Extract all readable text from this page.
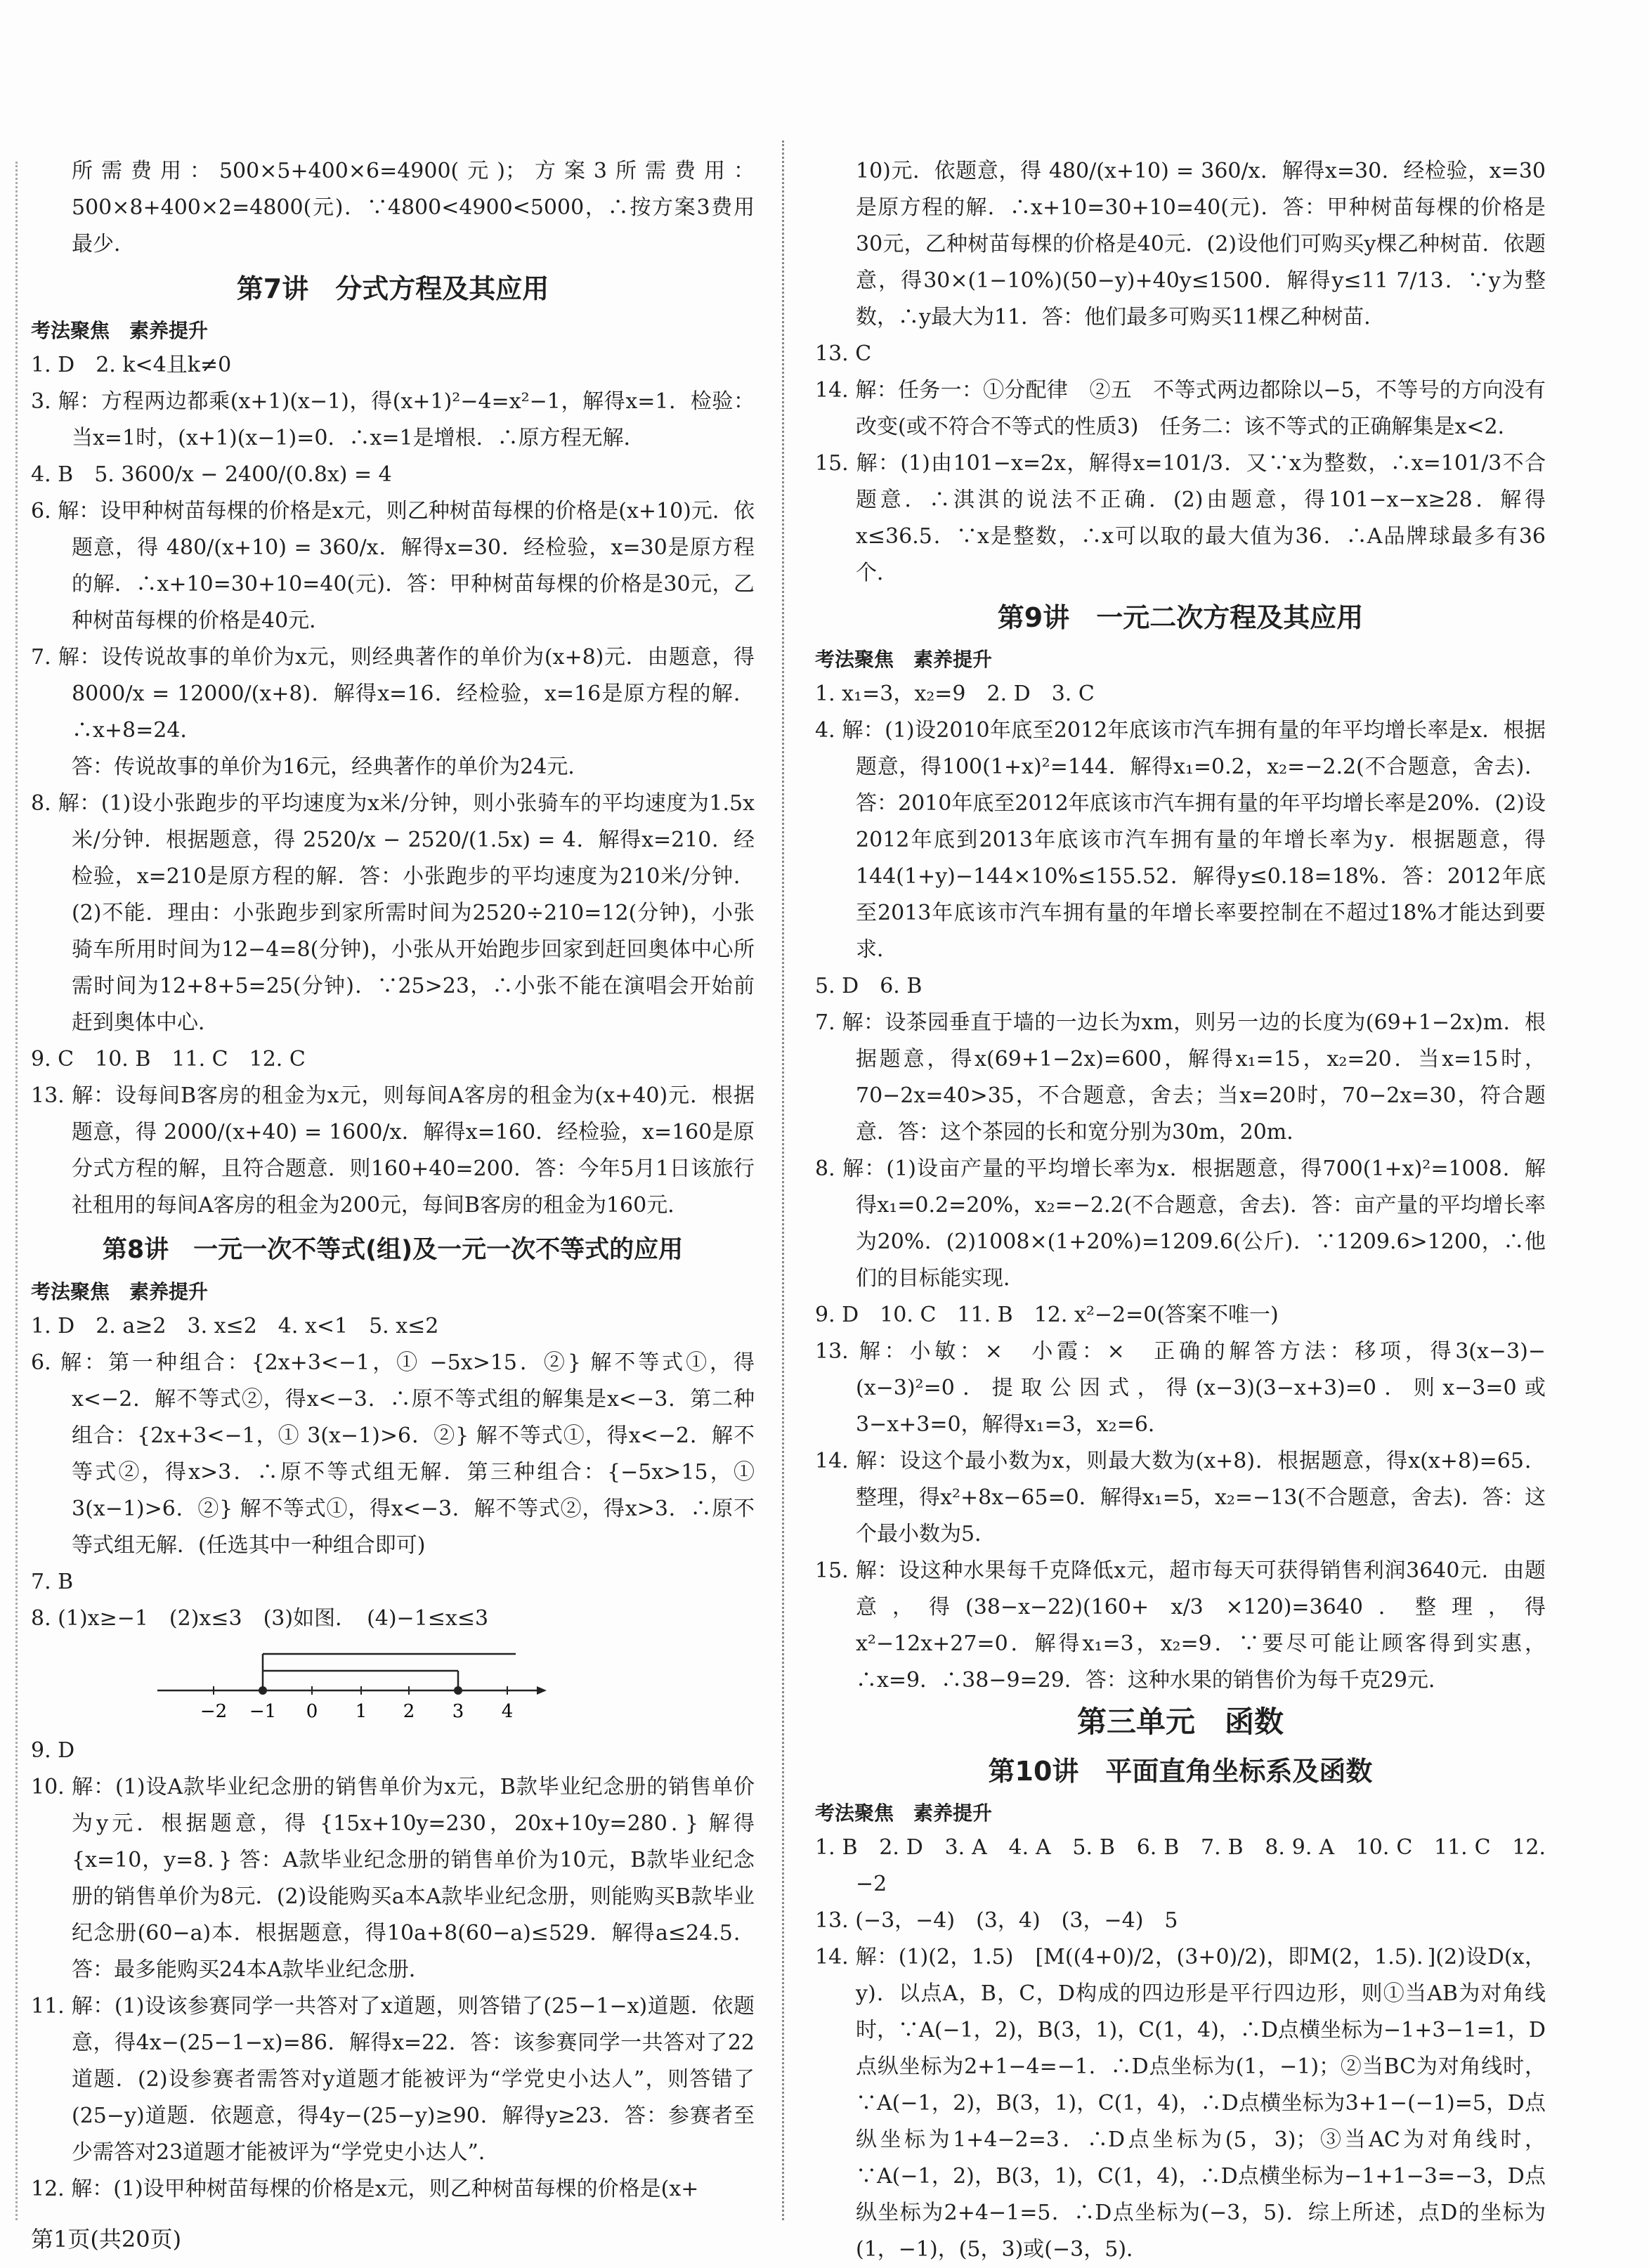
所需费用：500×5+400×6=4900(元)；方案3所需费用：500×8+400×2=4800(元)．∵4800<4900<5000，∴按方案3费用最少．

第7讲　分式方程及其应用
考法聚焦　素养提升

1. D　2. k<4且k≠0

3. 解：方程两边都乘(x+1)(x−1)，得(x+1)²−4=x²−1，解得x=1．检验：当x=1时，(x+1)(x−1)=0．∴x=1是增根．∴原方程无解．

4. B　5. 3600/x − 2400/(0.8x) = 4

6. 解：设甲种树苗每棵的价格是x元，则乙种树苗每棵的价格是(x+10)元．依题意，得 480/(x+10) = 360/x．解得x=30．经检验，x=30是原方程的解．∴x+10=30+10=40(元)．答：甲种树苗每棵的价格是30元，乙种树苗每棵的价格是40元．

7. 解：设传说故事的单价为x元，则经典著作的单价为(x+8)元．由题意，得 8000/x = 12000/(x+8)．解得x=16．经检验，x=16是原方程的解．∴x+8=24．

答：传说故事的单价为16元，经典著作的单价为24元．

8. 解：(1)设小张跑步的平均速度为x米/分钟，则小张骑车的平均速度为1.5x米/分钟．根据题意，得 2520/x − 2520/(1.5x) = 4．解得x=210．经检验，x=210是原方程的解．答：小张跑步的平均速度为210米/分钟．(2)不能．理由：小张跑步到家所需时间为2520÷210=12(分钟)，小张骑车所用时间为12−4=8(分钟)，小张从开始跑步回家到赶回奥体中心所需时间为12+8+5=25(分钟)．∵25>23，∴小张不能在演唱会开始前赶到奥体中心．

9. C　10. B　11. C　12. C

13. 解：设每间B客房的租金为x元，则每间A客房的租金为(x+40)元．根据题意，得 2000/(x+40) = 1600/x．解得x=160．经检验，x=160是原分式方程的解，且符合题意．则160+40=200．答：今年5月1日该旅行社租用的每间A客房的租金为200元，每间B客房的租金为160元．

第8讲　一元一次不等式(组)及一元一次不等式的应用
考法聚焦　素养提升

1. D　2. a≥2　3. x≤2　4. x<1　5. x≤2

6. 解：第一种组合：{2x+3<−1，① −5x>15．②} 解不等式①，得x<−2．解不等式②，得x<−3．∴原不等式组的解集是x<−3．第二种组合：{2x+3<−1，① 3(x−1)>6．②} 解不等式①，得x<−2．解不等式②，得x>3．∴原不等式组无解．第三种组合：{−5x>15，① 3(x−1)>6．②} 解不等式①，得x<−3．解不等式②，得x>3．∴原不等式组无解．(任选其中一种组合即可)

7. B

8. (1)x≥−1　(2)x≤3　(3)如图．　(4)−1≤x≤3

−2 −1 0 1 2 3 4

9. D

10. 解：(1)设A款毕业纪念册的销售单价为x元，B款毕业纪念册的销售单价为y元．根据题意，得 {15x+10y=230，20x+10y=280．} 解得 {x=10，y=8．} 答：A款毕业纪念册的销售单价为10元，B款毕业纪念册的销售单价为8元．(2)设能购买a本A款毕业纪念册，则能购买B款毕业纪念册(60−a)本．根据题意，得10a+8(60−a)≤529．解得a≤24.5．答：最多能购买24本A款毕业纪念册．

11. 解：(1)设该参赛同学一共答对了x道题，则答错了(25−1−x)道题．依题意，得4x−(25−1−x)=86．解得x=22．答：该参赛同学一共答对了22道题．(2)设参赛者需答对y道题才能被评为“学党史小达人”，则答错了(25−y)道题．依题意，得4y−(25−y)≥90．解得y≥23．答：参赛者至少需答对23道题才能被评为“学党史小达人”．

12. 解：(1)设甲种树苗每棵的价格是x元，则乙种树苗每棵的价格是(x+

10)元．依题意，得 480/(x+10) = 360/x．解得x=30．经检验，x=30是原方程的解．∴x+10=30+10=40(元)．答：甲种树苗每棵的价格是30元，乙种树苗每棵的价格是40元．(2)设他们可购买y棵乙种树苗．依题意，得30×(1−10%)(50−y)+40y≤1500．解得y≤11 7/13．∵y为整数，∴y最大为11．答：他们最多可购买11棵乙种树苗．

13. C

14. 解：任务一：①分配律　②五　不等式两边都除以−5，不等号的方向没有改变(或不符合不等式的性质3)　任务二：该不等式的正确解集是x<2．

15. 解：(1)由101−x=2x，解得x=101/3．又∵x为整数，∴x=101/3不合题意．∴淇淇的说法不正确．(2)由题意，得101−x−x≥28．解得x≤36.5．∵x是整数，∴x可以取的最大值为36．∴A品牌球最多有36个．

第9讲　一元二次方程及其应用
考法聚焦　素养提升

1. x₁=3，x₂=9　2. D　3. C

4. 解：(1)设2010年底至2012年底该市汽车拥有量的年平均增长率是x．根据题意，得100(1+x)²=144．解得x₁=0.2，x₂=−2.2(不合题意，舍去)．答：2010年底至2012年底该市汽车拥有量的年平均增长率是20%．(2)设2012年底到2013年底该市汽车拥有量的年增长率为y．根据题意，得144(1+y)−144×10%≤155.52．解得y≤0.18=18%．答：2012年底至2013年底该市汽车拥有量的年增长率要控制在不超过18%才能达到要求．

5. D　6. B

7. 解：设茶园垂直于墙的一边长为xm，则另一边的长度为(69+1−2x)m．根据题意，得x(69+1−2x)=600，解得x₁=15，x₂=20．当x=15时，70−2x=40>35，不合题意，舍去；当x=20时，70−2x=30，符合题意．答：这个茶园的长和宽分别为30m，20m．

8. 解：(1)设亩产量的平均增长率为x．根据题意，得700(1+x)²=1008．解得x₁=0.2=20%，x₂=−2.2(不合题意，舍去)．答：亩产量的平均增长率为20%．(2)1008×(1+20%)=1209.6(公斤)．∵1209.6>1200，∴他们的目标能实现．

9. D　10. C　11. B　12. x²−2=0(答案不唯一)

13. 解：小敏：×　小霞：×　正确的解答方法：移项，得3(x−3)−(x−3)²=0．提取公因式，得(x−3)(3−x+3)=0．则x−3=0或3−x+3=0，解得x₁=3，x₂=6．

14. 解：设这个最小数为x，则最大数为(x+8)．根据题意，得x(x+8)=65．整理，得x²+8x−65=0．解得x₁=5，x₂=−13(不合题意，舍去)．答：这个最小数为5．

15. 解：设这种水果每千克降低x元，超市每天可获得销售利润3640元．由题意，得(38−x−22)(160+ x/3 ×120)=3640．整理，得x²−12x+27=0．解得x₁=3，x₂=9．∵要尽可能让顾客得到实惠，∴x=9．∴38−9=29．答：这种水果的销售价为每千克29元．

第三单元　函数
第10讲　平面直角坐标系及函数
考法聚焦　素养提升

1. B　2. D　3. A　4. A　5. B　6. B　7. B　8. 9. A　10. C　11. C　12. −2

13. (−3，−4)　(3，4)　(3，−4)　5

14. 解：(1)(2，1.5)　[M((4+0)/2，(3+0)/2)，即M(2，1.5)．](2)设D(x，y)．以点A，B，C，D构成的四边形是平行四边形，则①当AB为对角线时，∵A(−1，2)，B(3，1)，C(1，4)，∴D点横坐标为−1+3−1=1，D点纵坐标为2+1−4=−1．∴D点坐标为(1，−1)；②当BC为对角线时，∵A(−1，2)，B(3，1)，C(1，4)，∴D点横坐标为3+1−(−1)=5，D点纵坐标为1+4−2=3．∴D点坐标为(5，3)；③当AC为对角线时，∵A(−1，2)，B(3，1)，C(1，4)，∴D点横坐标为−1+1−3=−3，D点纵坐标为2+4−1=5．∴D点坐标为(−3，5)．综上所述，点D的坐标为(1，−1)，(5，3)或(−3，5)．

第1页(共20页)
